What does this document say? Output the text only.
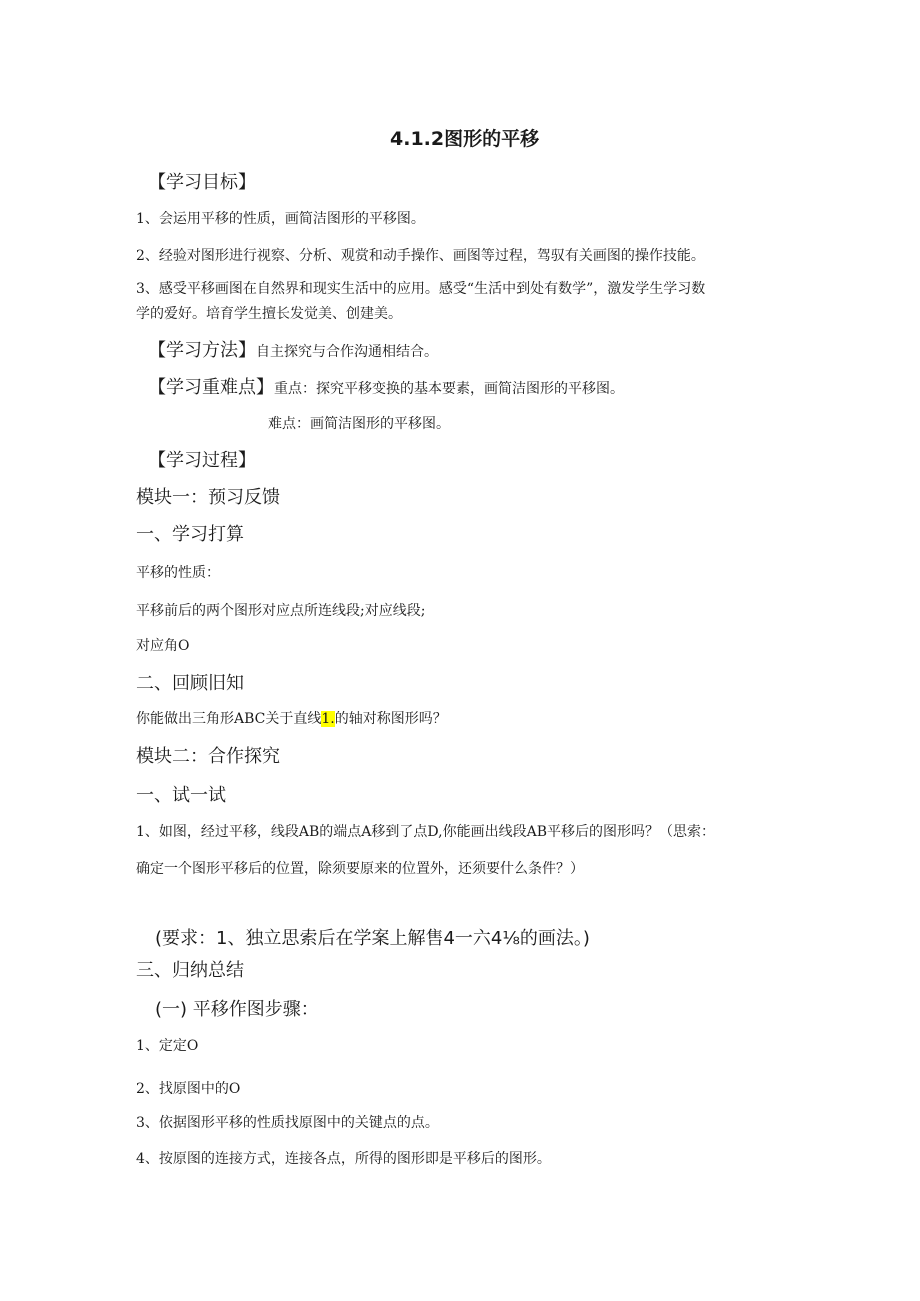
4.1.2图形的平移
【学习目标】
1、会运用平移的性质，画简洁图形的平移图。
2、经验对图形进行视察、分析、观赏和动手操作、画图等过程，驾驭有关画图的操作技能。
3、感受平移画图在自然界和现实生活中的应用。感受“生活中到处有数学”，激发学生学习数
学的爱好。培育学生擅长发觉美、创建美。
【学习方法】自主探究与合作沟通相结合。
【学习重难点】重点：探究平移变换的基本要素，画简洁图形的平移图。
难点：画简洁图形的平移图。
【学习过程】
模块一：预习反馈
一、学习打算
平移的性质：
平移前后的两个图形对应点所连线段;对应线段;
对应角O
二、回顾旧知
你能做出三角形ABC关于直线1.的轴对称图形吗？
模块二：合作探究
一、试一试
1、如图，经过平移，线段AB的端点A移到了点D,你能画出线段AB平移后的图形吗？（思索：
确定一个图形平移后的位置，除须要原来的位置外，还须要什么条件？）
(要求：1、独立思索后在学案上解售4一六4⅛的画法。)
三、归纳总结
(一) 平移作图步骤：
1、定定O
2、找原图中的O
3、依据图形平移的性质找原图中的关键点的点。
4、按原图的连接方式，连接各点，所得的图形即是平移后的图形。
